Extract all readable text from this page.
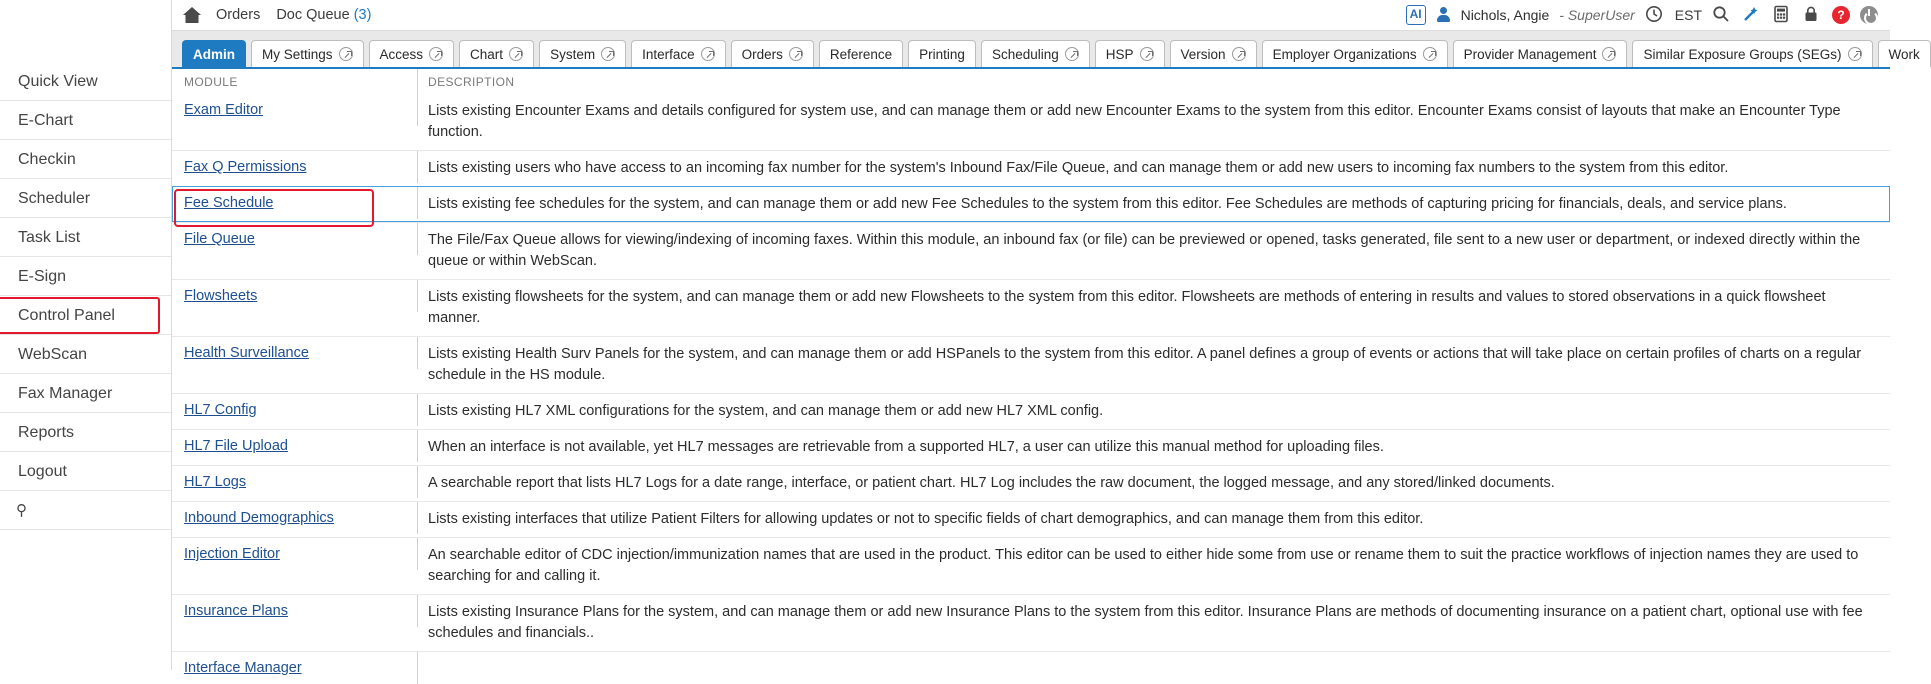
Quick View
E-Chart
Checkin
Scheduler
Task List
E-Sign
Control Panel
WebScan
Fax Manager
Reports
Logout
⚲
Orders Doc Queue (3)	AI	Nichols, Angie - SuperUser	EST	?
Admin My Settings	Access	Chart	System	Interface	Orders	Reference Printing Scheduling	HSP	Version	Employer Organizations	Provider Management	Similar Exposure Groups (SEGs)	Work
MODULE	DESCRIPTION
Exam Editor	Lists existing Encounter Exams and details configured for system use, and can manage them or add new Encounter Exams to the system from this editor. Encounter Exams consist of layouts that make an Encounter Type function.
Fax Q Permissions	Lists existing users who have access to an incoming fax number for the system's Inbound Fax/File Queue, and can manage them or add new users to incoming fax numbers to the system from this editor.
Fee Schedule	Lists existing fee schedules for the system, and can manage them or add new Fee Schedules to the system from this editor. Fee Schedules are methods of capturing pricing for financials, deals, and service plans.
File Queue	The File/Fax Queue allows for viewing/indexing of incoming faxes. Within this module, an inbound fax (or file) can be previewed or opened, tasks generated, file sent to a new user or department, or indexed directly within the queue or within WebScan.
Flowsheets	Lists existing flowsheets for the system, and can manage them or add new Flowsheets to the system from this editor. Flowsheets are methods of entering in results and values to stored observations in a quick flowsheet manner.
Health Surveillance	Lists existing Health Surv Panels for the system, and can manage them or add HSPanels to the system from this editor. A panel defines a group of events or actions that will take place on certain profiles of charts on a regular schedule in the HS module.
HL7 Config	Lists existing HL7 XML configurations for the system, and can manage them or add new HL7 XML config.
HL7 File Upload	When an interface is not available, yet HL7 messages are retrievable from a supported HL7, a user can utilize this manual method for uploading files.
HL7 Logs	A searchable report that lists HL7 Logs for a date range, interface, or patient chart. HL7 Log includes the raw document, the logged message, and any stored/linked documents.
Inbound Demographics	Lists existing interfaces that utilize Patient Filters for allowing updates or not to specific fields of chart demographics, and can manage them from this editor.
Injection Editor	An searchable editor of CDC injection/immunization names that are used in the product. This editor can be used to either hide some from use or rename them to suit the practice workflows of injection names they are used to searching for and calling it.
Insurance Plans	Lists existing Insurance Plans for the system, and can manage them or add new Insurance Plans to the system from this editor. Insurance Plans are methods of documenting insurance on a patient chart, optional use with fee schedules and financials..
Interface Manager
